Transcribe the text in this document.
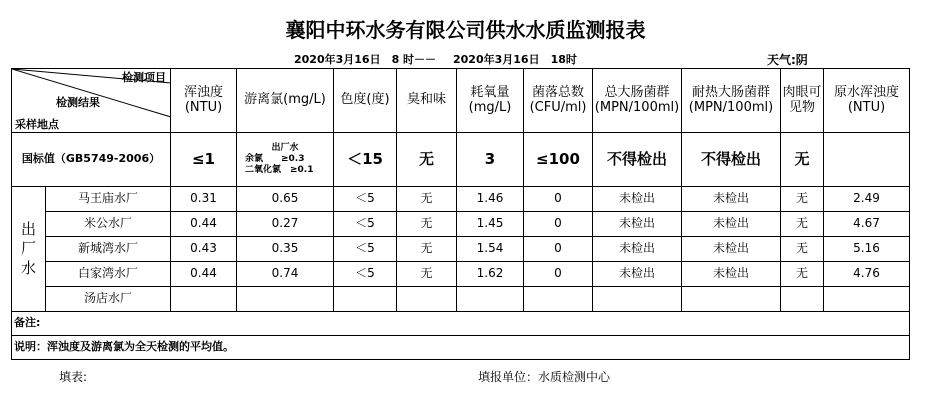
襄阳中环水务有限公司供水水质监测报表
2020年3月16日　8 时－－ 2020年3月16日　18时	天气:阴
检测项目
检测结果
采样地点		浑浊度(NTU)	游离氯(mg/L)	色度(度)	臭和味	耗氧量(mg/L)	菌落总数(CFU/ml)	总大肠菌群(MPN/100ml)	耐热大肠菌群(MPN/100ml)	肉眼可见物	原水浑浊度(NTU)
国标值（GB5749-2006）		≤1	出厂水
余氯　　≥0.3
二氧化氯　≥0.1	＜15	无	3	≤100	不得检出	不得检出	无	

出
厂
水	马王庙水厂	0.31	0.65	＜5	无	1.46	0	未检出	未检出	无	2.49
	米公水厂	0.44	0.27	＜5	无	1.45	0	未检出	未检出	无	4.67
	新城湾水厂	0.43	0.35	＜5	无	1.54	0	未检出	未检出	无	5.16
	白家湾水厂	0.44	0.74	＜5	无	1.62	0	未检出	未检出	无	4.76
	汤店水厂										
备注:											
说明：浑浊度及游离氯为全天检测的平均值。											
填表:	填报单位：水质检测中心
